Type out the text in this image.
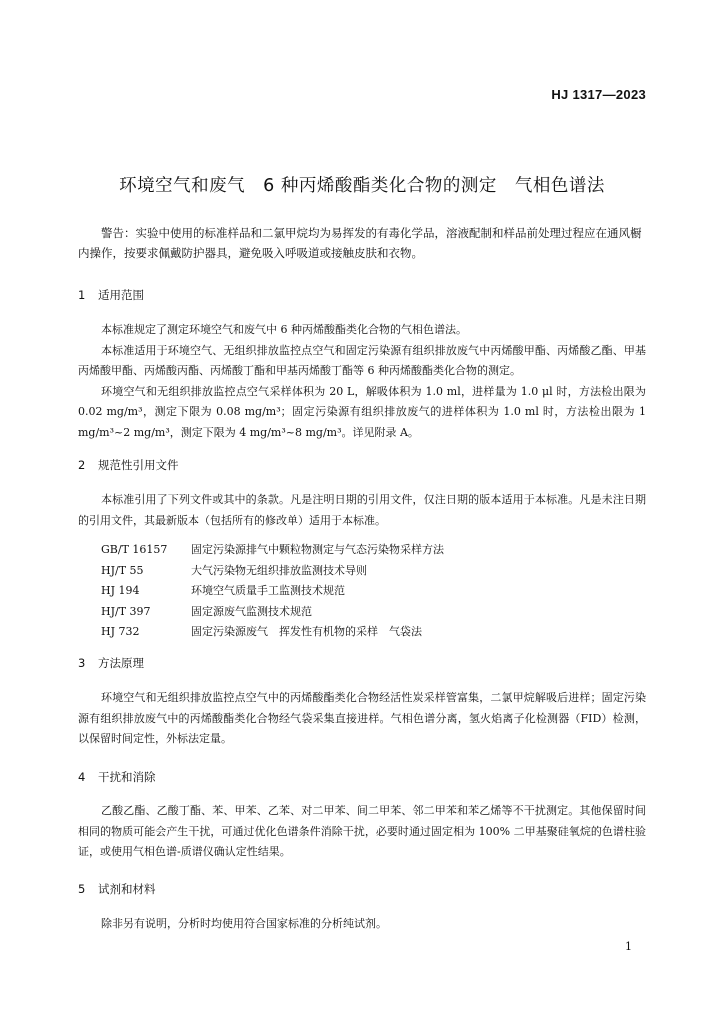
HJ 1317—2023
环境空气和废气　6 种丙烯酸酯类化合物的测定　气相色谱法
警告：实验中使用的标准样品和二氯甲烷均为易挥发的有毒化学品，溶液配制和样品前处理过程应在通风橱内操作，按要求佩戴防护器具，避免吸入呼吸道或接触皮肤和衣物。
1 适用范围

本标准规定了测定环境空气和废气中 6 种丙烯酸酯类化合物的气相色谱法。

本标准适用于环境空气、无组织排放监控点空气和固定污染源有组织排放废气中丙烯酸甲酯、丙烯酸乙酯、甲基丙烯酸甲酯、丙烯酸丙酯、丙烯酸丁酯和甲基丙烯酸丁酯等 6 种丙烯酸酯类化合物的测定。

环境空气和无组织排放监控点空气采样体积为 20 L，解吸体积为 1.0 ml，进样量为 1.0 μl 时，方法检出限为 0.02 mg/m³，测定下限为 0.08 mg/m³；固定污染源有组织排放废气的进样体积为 1.0 ml 时，方法检出限为 1 mg/m³~2 mg/m³，测定下限为 4 mg/m³~8 mg/m³。详见附录 A。

2 规范性引用文件

本标准引用了下列文件或其中的条款。凡是注明日期的引用文件，仅注日期的版本适用于本标准。凡是未注日期的引用文件，其最新版本（包括所有的修改单）适用于本标准。

GB/T 16157 固定污染源排气中颗粒物测定与气态污染物采样方法
HJ/T 55	大气污染物无组织排放监测技术导则
HJ 194	环境空气质量手工监测技术规范
HJ/T 397	固定源废气监测技术规范
HJ 732	固定污染源废气　挥发性有机物的采样　气袋法
3 方法原理

环境空气和无组织排放监控点空气中的丙烯酸酯类化合物经活性炭采样管富集，二氯甲烷解吸后进样；固定污染源有组织排放废气中的丙烯酸酯类化合物经气袋采集直接进样。气相色谱分离，氢火焰离子化检测器（FID）检测，以保留时间定性，外标法定量。

4 干扰和消除

乙酸乙酯、乙酸丁酯、苯、甲苯、乙苯、对二甲苯、间二甲苯、邻二甲苯和苯乙烯等不干扰测定。其他保留时间相同的物质可能会产生干扰，可通过优化色谱条件消除干扰，必要时通过固定相为 100% 二甲基聚硅氧烷的色谱柱验证，或使用气相色谱-质谱仪确认定性结果。

5 试剂和材料

除非另有说明，分析时均使用符合国家标准的分析纯试剂。

1
